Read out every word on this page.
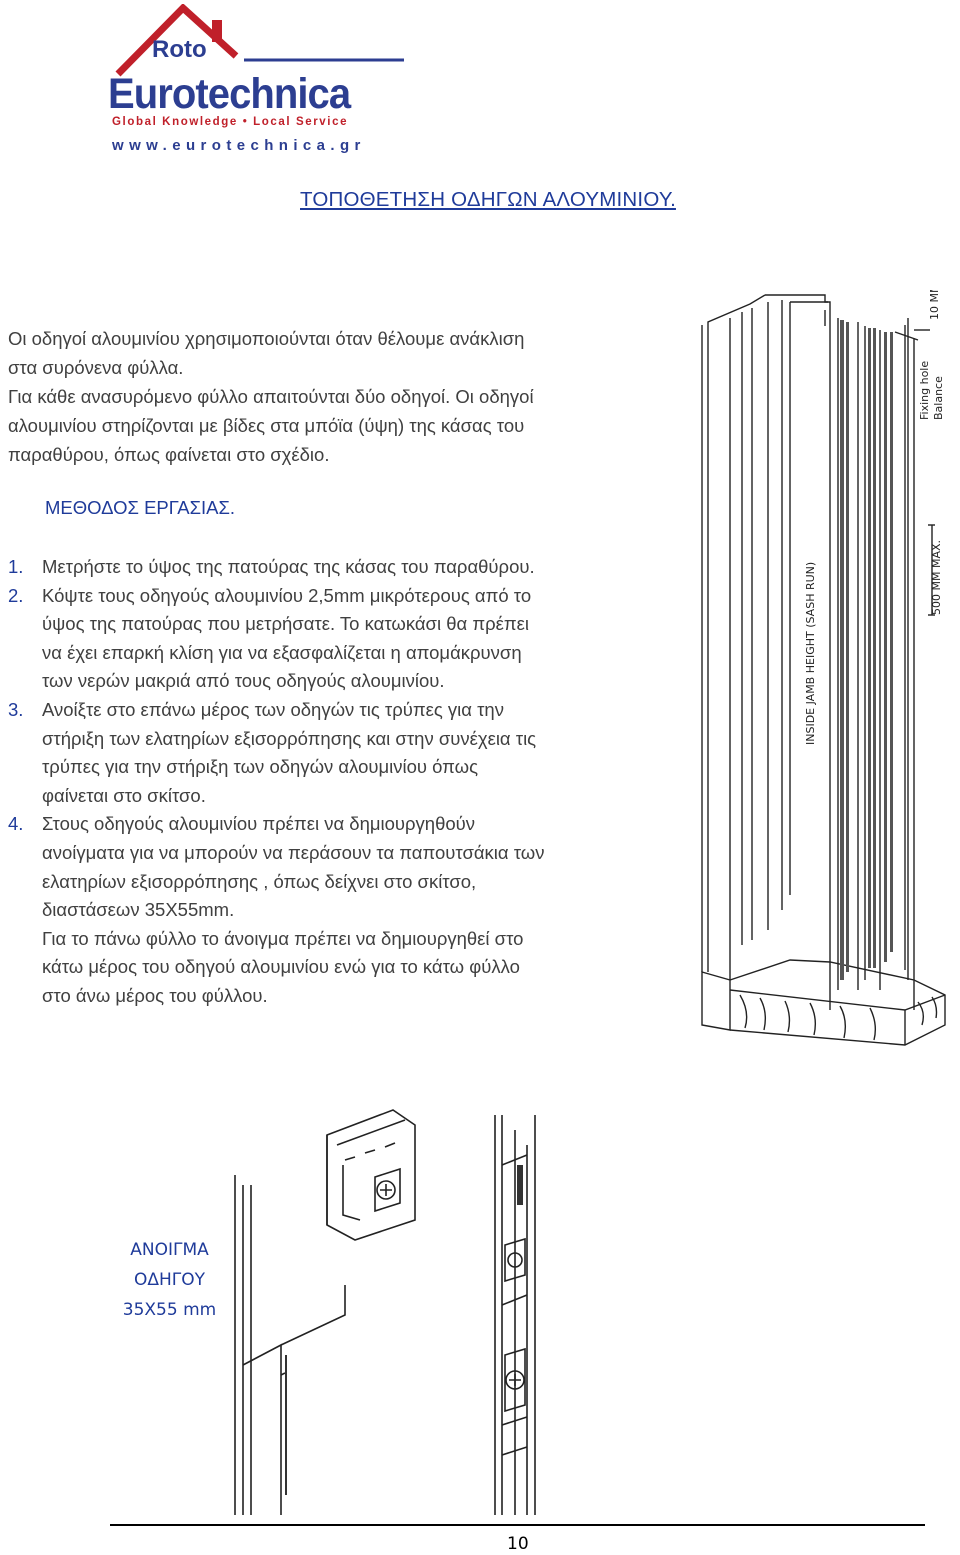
Roto
Eurotechnica
Global Knowledge • Local Service
www.eurotechnica.gr
ΤΟΠΟΘΕΤΗΣΗ ΟΔΗΓΩΝ ΑΛΟΥΜΙΝΙΟΥ.
Οι οδηγοί αλουμινίου χρησιμοποιούνται όταν θέλουμε ανάκλιση
στα συρόνενα φύλλα.
Για κάθε ανασυρόμενο φύλλο απαιτούνται δύο οδηγοί. Οι οδηγοί
αλουμινίου στηρίζονται με βίδες στα μπόϊα (ύψη) της κάσας του
παραθύρου, όπως φαίνεται στο σχέδιο.
ΜΕΘΟΔΟΣ ΕΡΓΑΣΙΑΣ.
1. Μετρήστε το ύψος της πατούρας της κάσας του παραθύρου.
2. Κόψτε τους οδηγούς αλουμινίου 2,5mm μικρότερους από το
ύψος της πατούρας που μετρήσατε. Το κατωκάσι θα πρέπει
να έχει επαρκή κλίση για να εξασφαλίζεται η απομάκρυνση
των νερών μακριά από τους οδηγούς αλουμινίου.
3. Ανοίξτε στο επάνω μέρος των οδηγών τις τρύπες για την
στήριξη των ελατηρίων εξισορρόπησης και στην συνέχεια τις
τρύπες για την στήριξη των οδηγών αλουμινίου όπως
φαίνεται στο σκίτσο.
4. Στους οδηγούς αλουμινίου πρέπει να δημιουργηθούν
ανοίγματα για να μπορούν να περάσουν τα παπουτσάκια των
ελατηρίων εξισορρόπησης , όπως δείχνει στο σκίτσο,
διαστάσεων 35Χ55mm.
Για το πάνω φύλλο το άνοιγμα πρέπει να δημιουργηθεί στο
κάτω μέρος του οδηγού αλουμινίου ενώ για το κάτω φύλλο
στο άνω μέρος του φύλλου.
10 MM
Fixing hole Balance
500 MM MAX.
INSIDE JAMB HEIGHT (SASH RUN)
ΑΝΟΙΓΜΑ
ΟΔΗΓΟΥ
35Χ55 mm
10
